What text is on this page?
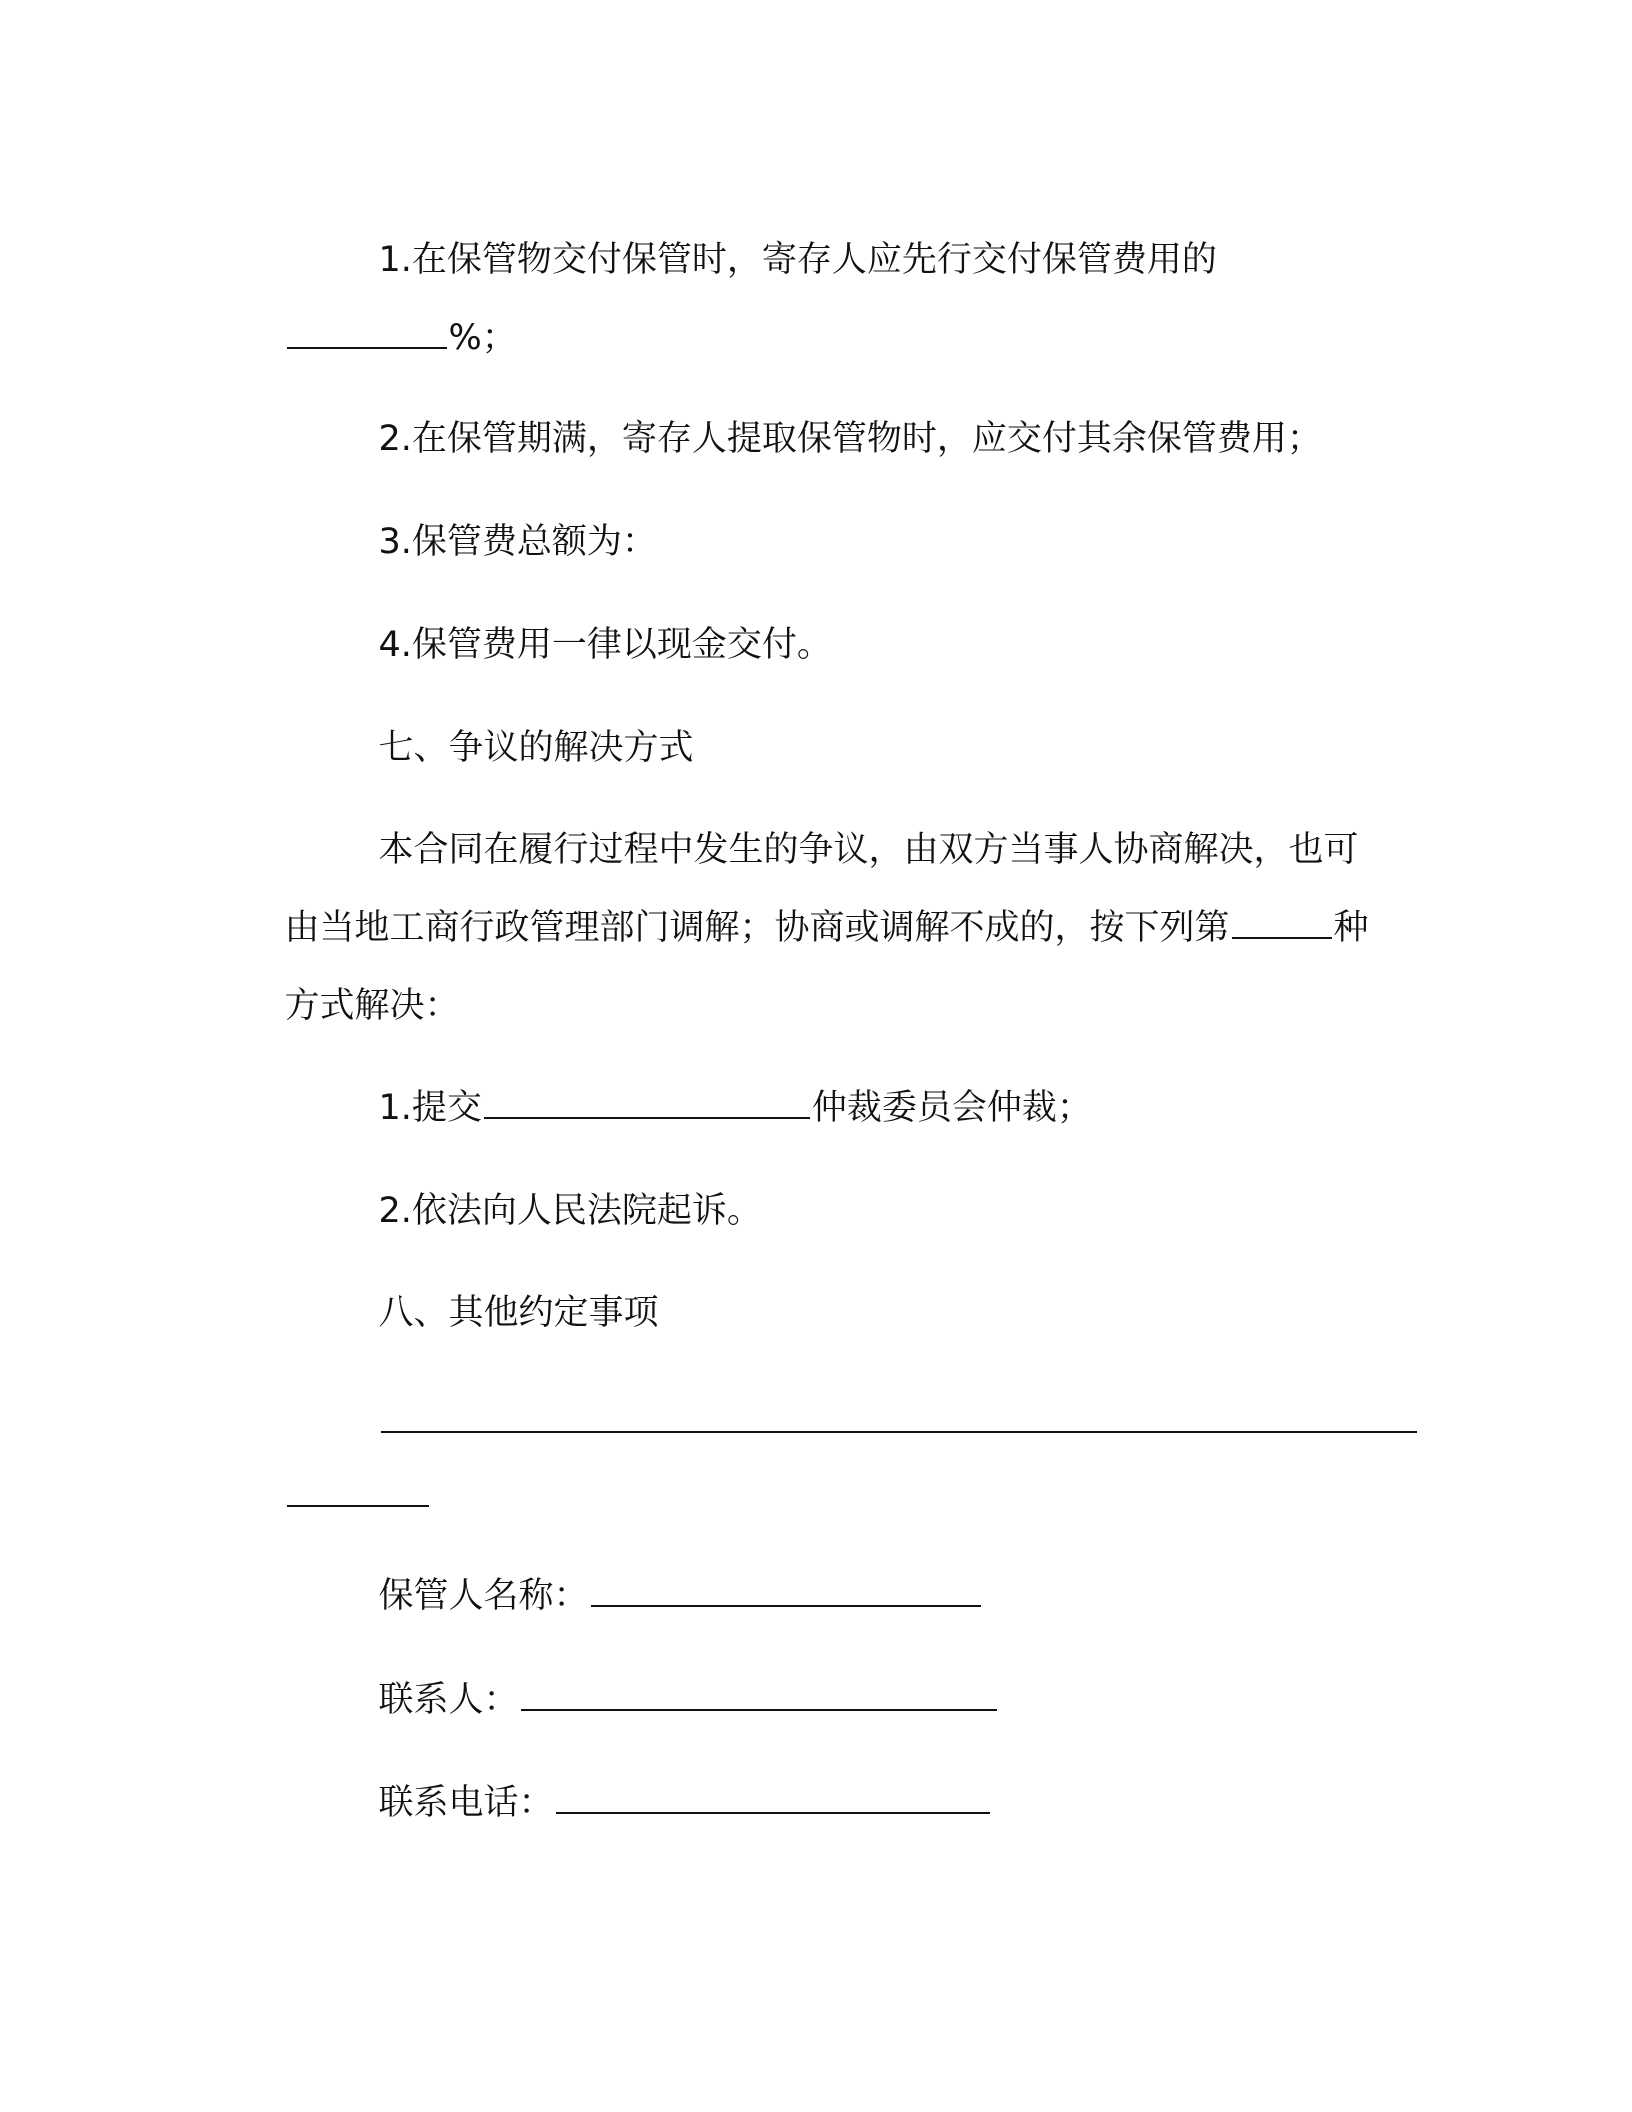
1.在保管物交付保管时，寄存人应先行交付保管费用的

%；

2.在保管期满，寄存人提取保管物时，应交付其余保管费用；

3.保管费总额为：

4.保管费用一律以现金交付。

七、争议的解决方式

本合同在履行过程中发生的争议，由双方当事人协商解决，也可

由当地工商行政管理部门调解；协商或调解不成的，按下列第	种

方式解决：

1.提交	仲裁委员会仲裁；

2.依法向人民法院起诉。

八、其他约定事项

保管人名称：

联系人：

联系电话：
